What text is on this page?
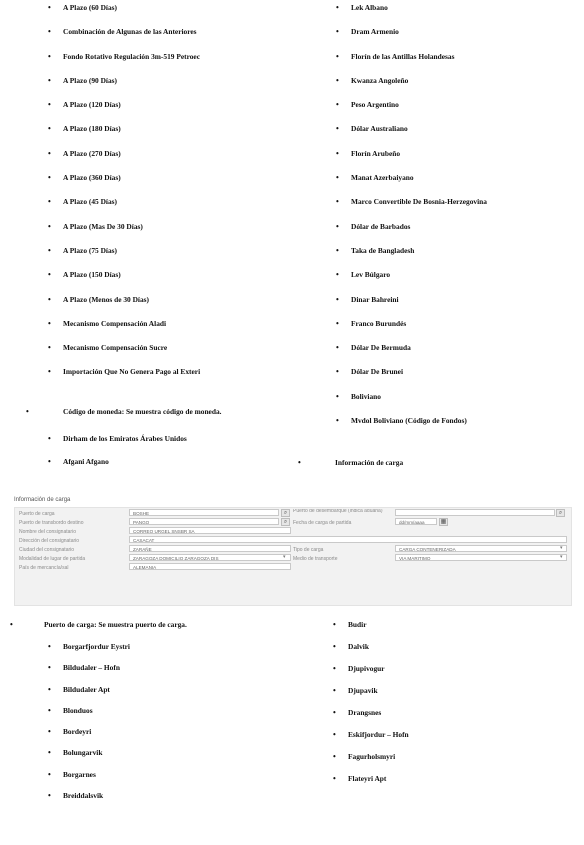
• A Plazo (60 Días)
• Combinación de Algunas de las Anteriores
• Fondo Rotativo Regulación 3m-519 Petroec
• A Plazo (90 Días)
• A Plazo (120 Días)
• A Plazo (180 Días)
• A Plazo (270 Días)
• A Plazo (360 Días)
• A Plazo (45 Días)
• A Plazo (Mas De 30 Días)
• A Plazo (75 Días)
• A Plazo (150 Días)
• A Plazo (Menos de 30 Días)
• Mecanismo Compensación Aladi
• Mecanismo Compensación Sucre
• Importación Que No Genera Pago al Exteri
•	Código de moneda: Se muestra código de moneda.
• Dirham de los Emiratos Árabes Unidos
• Afgani Afgano
• Lek Albano
• Dram Armenio
• Florín de las Antillas Holandesas
• Kwanza Angoleño
• Peso Argentino
• Dólar Australiano
• Florín Arubeño
• Manat Azerbaiyano
• Marco Convertible De Bosnia-Herzegovina
• Dólar de Barbados
• Taka de Bangladesh
• Lev Búlgaro
• Dinar Bahreini
• Franco Burundés
• Dólar De Bermuda
• Dólar De Brunei
• Boliviano
• Mvdol Boliviano (Código de Fondos)
•	Información de carga
Información de carga
Puerto de carga	BOSHE	⌕
Puerto de transbordo destino	PANGO	⌕
Nombre del consignatario	CORREO URGEL SNSBR SA
Dirección del consignatario	CASACAT
Ciudad del consignatario	ZARAÑE
Modalidad de lugar de partida	ZARAGOZA DOMICILIO ZARAGOZA DIS	▾
País de mercancía/sal	ALEMANIA
Puerto de desembarque (indica aduana)	⌕
Fecha de carga de partida	dd/mm/aaaa	▦
Tipo de carga	CARGA CONTENERIZADA	▾
Medio de transporte	VIA MARITIMO	▾
•	Puerto de carga: Se muestra puerto de carga.
• Borgarfjordur Eystri
• Bildudaler – Hofn
• Bildudaler Apt
• Blonduos
• Bordeyri
• Bolungarvik
• Borgarnes
• Breiddalsvik
• Budir
• Dalvik
• Djupivogur
• Djupavik
• Drangsnes
• Eskifjordur – Hofn
• Fagurholsmyri
• Flateyri Apt
